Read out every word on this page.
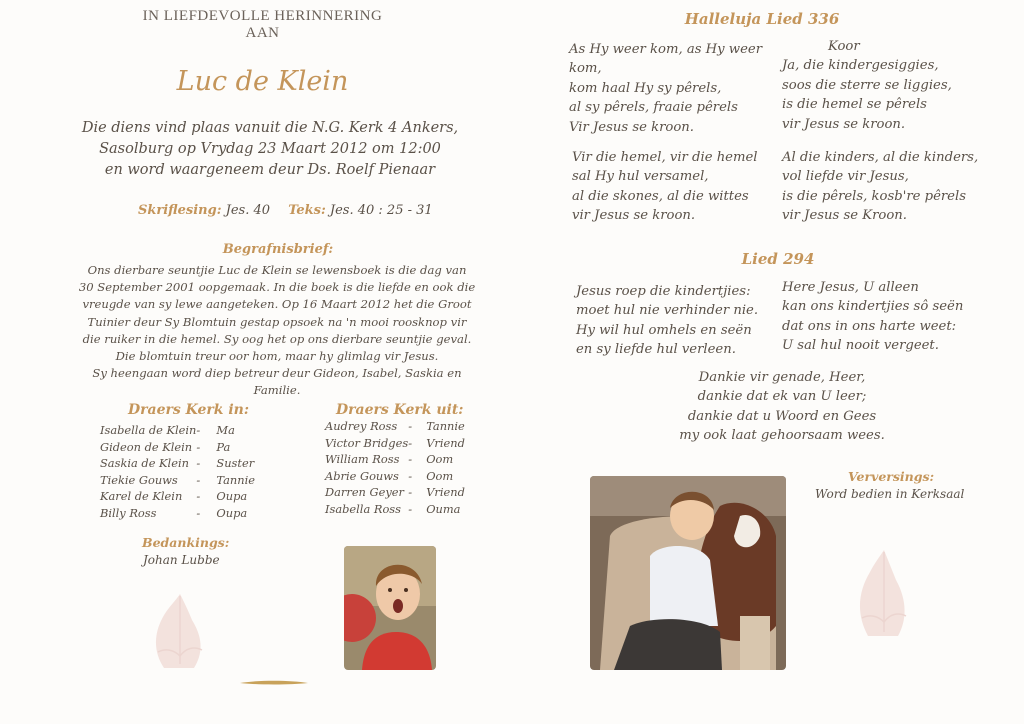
IN LIEFDEVOLLE HERINNERING
AAN
Luc de Klein
Die diens vind plaas vanuit die N.G. Kerk 4 Ankers,
Sasolburg op Vrydag 23 Maart 2012 om 12:00
en word waargeneem deur Ds. Roelf Pienaar
Skriflesing: Jes. 40 Teks: Jes. 40 : 25 - 31
Begrafnisbrief:
Ons dierbare seuntjie Luc de Klein se lewensboek is die dag van
30 September 2001 oopgemaak. In die boek is die liefde en ook die
vreugde van sy lewe aangeteken. Op 16 Maart 2012 het die Groot
Tuinier deur Sy Blomtuin gestap opsoek na 'n mooi roosknop vir
die ruiker in die hemel. Sy oog het op ons dierbare seuntjie geval.
Die blomtuin treur oor hom, maar hy glimlag vir Jesus.
Sy heengaan word diep betreur deur Gideon, Isabel, Saskia en Familie.
Draers Kerk in:
Isabella de Klein	-	Ma
Gideon de Klein	-	Pa
Saskia de Klein	-	Suster
Tiekie Gouws	-	Tannie
Karel de Klein	-	Oupa
Billy Ross	-	Oupa
Draers Kerk uit:
Audrey Ross	-	Tannie
Victor Bridges	-	Vriend
William Ross	-	Oom
Abrie Gouws	-	Oom
Darren Geyer	-	Vriend
Isabella Ross	-	Ouma
Bedankings:
Johan Lubbe
Halleluja Lied 336
As Hy weer kom, as Hy weer
kom,
kom haal Hy sy pêrels,
al sy pêrels, fraaie pêrels
Vir Jesus se kroon.
Koor
Ja, die kindergesiggies,
soos die sterre se liggies,
is die hemel se pêrels
vir Jesus se kroon.
Vir die hemel, vir die hemel
sal Hy hul versamel,
al die skones, al die wittes
vir Jesus se kroon.
Al die kinders, al die kinders,
vol liefde vir Jesus,
is die pêrels, kosb're pêrels
vir Jesus se Kroon.
Lied 294
Jesus roep die kindertjies:
moet hul nie verhinder nie.
Hy wil hul omhels en seën
en sy liefde hul verleen.
Here Jesus, U alleen
kan ons kindertjies sô seën
dat ons in ons harte weet:
U sal hul nooit vergeet.
Dankie vir genade, Heer,
dankie dat ek van U leer;
dankie dat u Woord en Gees
my ook laat gehoorsaam wees.
Verversings:
Word bedien in Kerksaal
